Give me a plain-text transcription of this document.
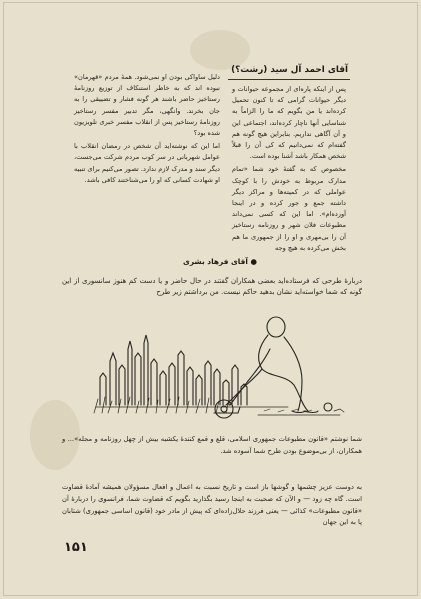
آقای احمد آل سید (رشت؟)

پس از اینکه پاره‌ای از مجموعه حیوانات و دیگر حیوانات گرامی که تا کنون تحمیل کرده‌اند یا من بگویم که ما را الزاماً به شناسایی آنها ناچار کرده‌اند، اجتماعی این و آن آگاهی نداریم. بنابراین هیچ گونه هم گفته‌ام که نمی‌دانیم که کی آن را قبلاً شخص همکار باشد آشنا بوده است.

مخصوص که به گفتهٔ خود شما «تمام مدارک مربوط به خودش را با کوچک عواملی که در کمیته‌ها و مراکز دیگر داشته جمع و جور کرده و در اینجا آورده‌ام». اما این که کسی نمی‌داند مطبوعات فلان شهر و روزنامه رستاخیز آن را بی‌مهری و او را از جمهوری ما هم بخش می‌کرده به هیچ وجه

دلیل ساواکی بودن او نمی‌شود. همهٔ مردم «قهرمان» نبوده اند که به خاطر استنکاف از توزیع روزنامهٔ رستاخیز حاضر باشند هر گونه فشار و تضییقی را به جان بخرند. وانگهی، مگر تدبیر مفسر رستاخیز روزنامهٔ رستاخیز پس از انقلاب مفسر خبری تلویزیون شده بود؟

اما این که نوشته‌اید آن شخص در رمضان انقلاب با عوامل شهربانی در سر کوب مردم شرکت می‌جست، دیگر سند و مدرک لازم ندارد. تصور می‌کنیم برای تنبیه او شهادت کسانی که او را می‌شناختند کافی باشد.

● آقای فرهاد بشری
دربارهٔ طرحی که فرستاده‌اید بعضی همکاران گفتند در حال حاضر و یا دست کم هنوز سانسوری از این گونه که شما خواسته‌اید نشان بدهید حاکم نیست. من برداشتم زیر طرح
شما نوشتم «قانون مطبوعات جمهوری اسلامی، قلع و قمع کنندهٔ یکشبه بیش از چهل روزنامه و مجله»... و همکاران، از بی‌موضوع بودن طرح شما آسوده شد.
به دوست عزیز چشمها و گوشها باز است و تاریخ نسبت به اعمال و افعال مسؤولان همیشه آمادهٔ قضاوت است. گاه چه زود — و الآن که صحبت به اینجا رسید بگذارید بگویم که قضاوت شما، فرانسوی را دربارهٔ آن «قانون مطبوعات» کذائی — یعنی فرزند حلال‌زاده‌ای که پیش از مادر خود (قانون اساسی جمهوری) شتابان پا به این جهان
۱۵۱
